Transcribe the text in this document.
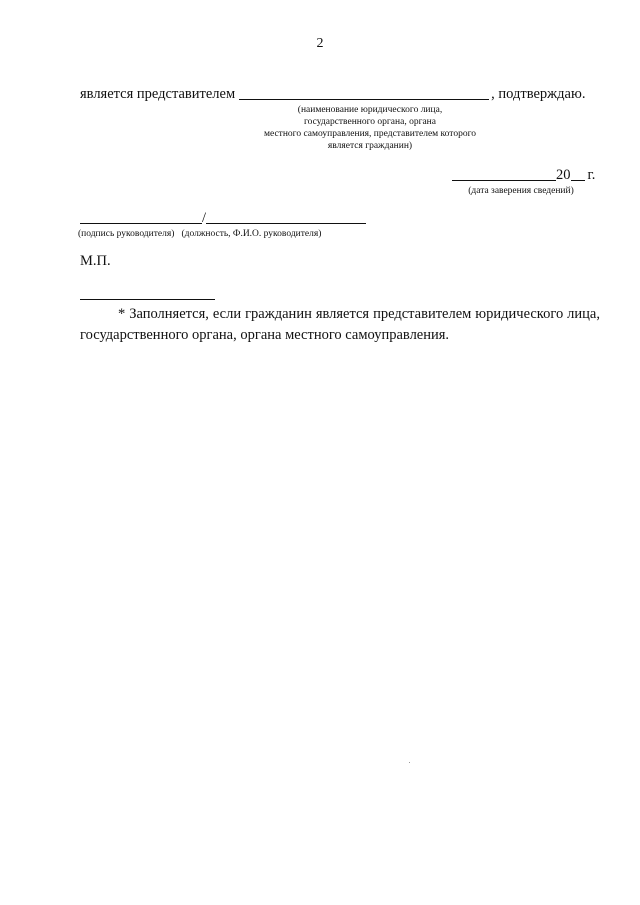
2
является представителем	, подтверждаю.
(наименование юридического лица,
государственного органа, органа
местного самоуправления, представителем которого
является гражданин)
20 г.
(дата заверения сведений)
/
(подпись руководителя)   (должность, Ф.И.О. руководителя)
М.П.
* Заполняется, если гражданин является представителем юридического лица, государственного органа, органа местного самоуправления.
